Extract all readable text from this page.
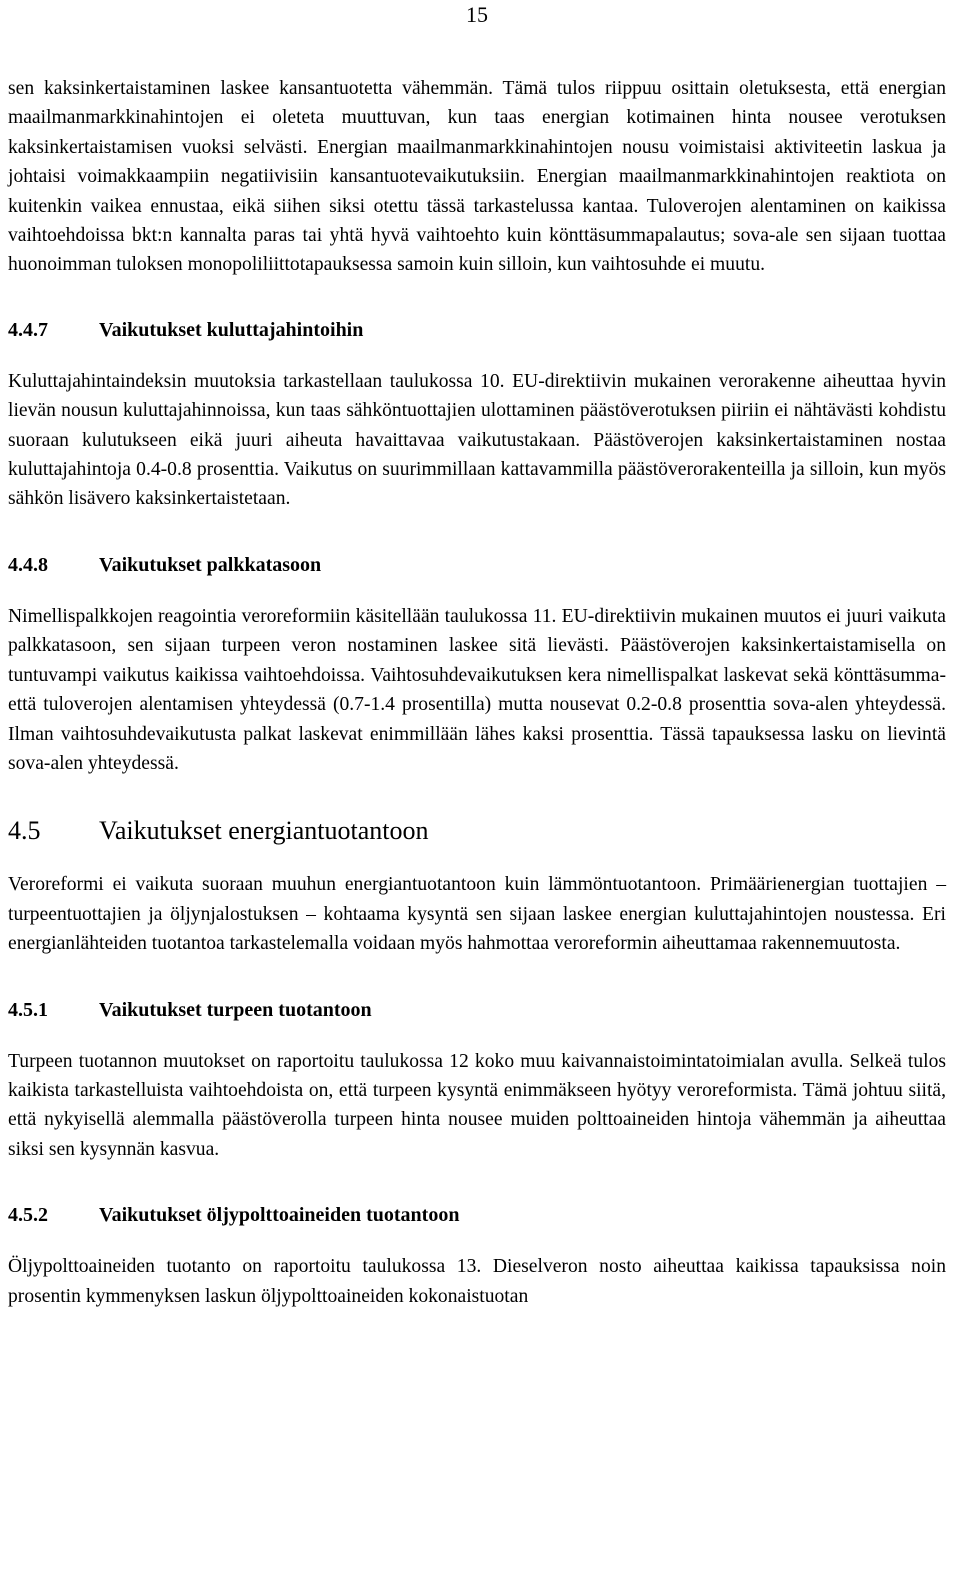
15

sen kaksinkertaistaminen laskee kansantuotetta vähemmän. Tämä tulos riippuu osittain oletuksesta, että energian maailmanmarkkinahintojen ei oleteta muuttuvan, kun taas energian kotimainen hinta nousee verotuksen kaksinkertaistamisen vuoksi selvästi. Energian maailmanmarkkinahintojen nousu voimistaisi aktiviteetin laskua ja johtaisi voimakkaampiin negatiivisiin kansantuotevaikutuksiin. Energian maailmanmarkkinahintojen reaktiota on kuitenkin vaikea ennustaa, eikä siihen siksi otettu tässä tarkastelussa kantaa. Tuloverojen alentaminen on kaikissa vaihtoehdoissa bkt:n kannalta paras tai yhtä hyvä vaihtoehto kuin könttäsummapalautus; sova-ale sen sijaan tuottaa huonoimman tuloksen monopoliliittotapauksessa samoin kuin silloin, kun vaihtosuhde ei muutu.

4.4.7	Vaikutukset kuluttajahintoihin

Kuluttajahintaindeksin muutoksia tarkastellaan taulukossa 10. EU-direktiivin mukainen verorakenne aiheuttaa hyvin lievän nousun kuluttajahinnoissa, kun taas sähköntuottajien ulottaminen päästöverotuksen piiriin ei nähtävästi kohdistu suoraan kulutukseen eikä juuri aiheuta havaittavaa vaikutustakaan. Päästöverojen kaksinkertaistaminen nostaa kuluttajahintoja 0.4-0.8 prosenttia. Vaikutus on suurimmillaan kattavammilla päästöverorakenteilla ja silloin, kun myös sähkön lisävero kaksinkertaistetaan.

4.4.8	Vaikutukset palkkatasoon

Nimellispalkkojen reagointia veroreformiin käsitellään taulukossa 11. EU-direktiivin mukainen muutos ei juuri vaikuta palkkatasoon, sen sijaan turpeen veron nostaminen laskee sitä lievästi. Päästöverojen kaksinkertaistamisella on tuntuvampi vaikutus kaikissa vaihtoehdoissa. Vaihtosuhdevaikutuksen kera nimellispalkat laskevat sekä könttäsumma- että tuloverojen alentamisen yhteydessä (0.7-1.4 prosentilla) mutta nousevat 0.2-0.8 prosenttia sova-alen yhteydessä. Ilman vaihtosuhdevaikutusta palkat laskevat enimmillään lähes kaksi prosenttia. Tässä tapauksessa lasku on lievintä sova-alen yhteydessä.

4.5	Vaikutukset energiantuotantoon

Veroreformi ei vaikuta suoraan muuhun energiantuotantoon kuin lämmöntuotantoon. Primäärienergian tuottajien – turpeentuottajien ja öljynjalostuksen – kohtaama kysyntä sen sijaan laskee energian kuluttajahintojen noustessa. Eri energianlähteiden tuotantoa tarkastelemalla voidaan myös hahmottaa veroreformin aiheuttamaa rakennemuutosta.

4.5.1	Vaikutukset turpeen tuotantoon

Turpeen tuotannon muutokset on raportoitu taulukossa 12 koko muu kaivannaistoimintatoimialan avulla. Selkeä tulos kaikista tarkastelluista vaihtoehdoista on, että turpeen kysyntä enimmäkseen hyötyy veroreformista. Tämä johtuu siitä, että nykyisellä alemmalla päästöverolla turpeen hinta nousee muiden polttoaineiden hintoja vähemmän ja aiheuttaa siksi sen kysynnän kasvua.

4.5.2	Vaikutukset öljypolttoaineiden tuotantoon

Öljypolttoaineiden tuotanto on raportoitu taulukossa 13. Dieselveron nosto aiheuttaa kaikissa tapauksissa noin prosentin kymmenyksen laskun öljypolttoaineiden kokonaistuotan
